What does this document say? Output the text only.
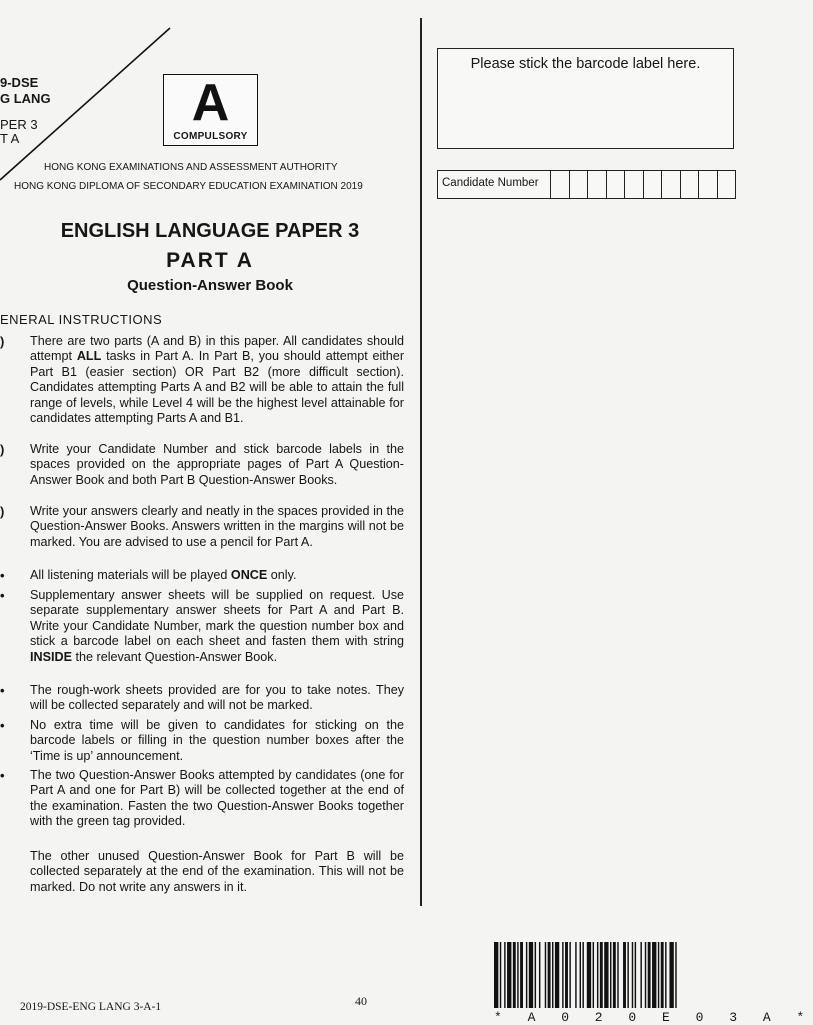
9-DSE
G LANG
PER 3
T A
A
COMPULSORY
HONG KONG EXAMINATIONS AND ASSESSMENT AUTHORITY
HONG KONG DIPLOMA OF SECONDARY EDUCATION EXAMINATION 2019
ENGLISH LANGUAGE PAPER 3
PART A
Question-Answer Book
ENERAL INSTRUCTIONS
) There are two parts (A and B) in this paper. All candidates should attempt ALL tasks in Part A. In Part B, you should attempt either Part B1 (easier section) OR Part B2 (more difficult section). Candidates attempting Parts A and B2 will be able to attain the full range of levels, while Level 4 will be the highest level attainable for candidates attempting Parts A and B1.
) Write your Candidate Number and stick barcode labels in the spaces provided on the appropriate pages of Part A Question-Answer Book and both Part B Question-Answer Books.
) Write your answers clearly and neatly in the spaces provided in the Question-Answer Books. Answers written in the margins will not be marked. You are advised to use a pencil for Part A.
• All listening materials will be played ONCE only.
• Supplementary answer sheets will be supplied on request. Use separate supplementary answer sheets for Part A and Part B. Write your Candidate Number, mark the question number box and stick a barcode label on each sheet and fasten them with string INSIDE the relevant Question-Answer Book.
• The rough-work sheets provided are for you to take notes. They will be collected separately and will not be marked.
• No extra time will be given to candidates for sticking on the barcode labels or filling in the question number boxes after the ‘Time is up’ announcement.
• The two Question-Answer Books attempted by candidates (one for Part A and one for Part B) will be collected together at the end of the examination. Fasten the two Question-Answer Books together with the green tag provided.
The other unused Question-Answer Book for Part B will be collected separately at the end of the examination. This will not be marked. Do not write any answers in it.
Please stick the barcode label here.
Candidate Number
2019-DSE-ENG LANG 3-A-1	40
* A 0 2 0 E 0 3 A *
